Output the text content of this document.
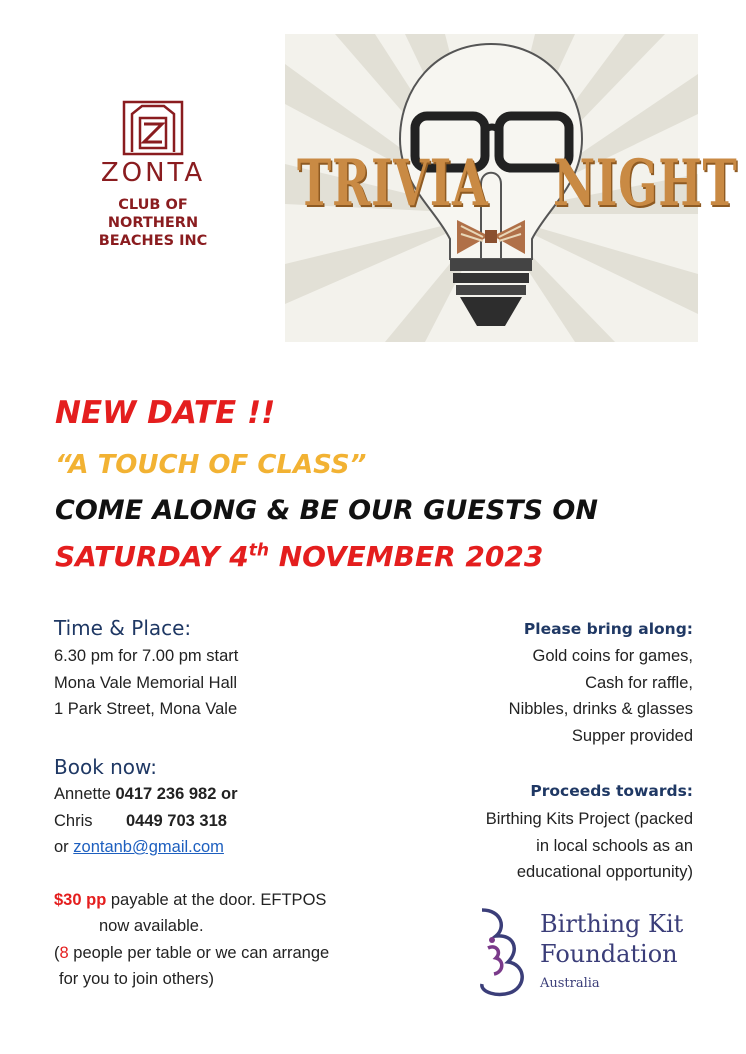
ZONTA
CLUB OF
NORTHERN
BEACHES INC
TRIVIA NIGHT
NEW DATE !!
“A TOUCH OF CLASS”
COME ALONG & BE OUR GUESTS ON
SATURDAY 4th NOVEMBER 2023
Time & Place:
6.30 pm for 7.00 pm start
Mona Vale Memorial Hall
1 Park Street, Mona Vale
Book now:
Annette 0417 236 982 or
Chris 0449 703 318
or zontanb@gmail.com
$30 pp payable at the door. EFTPOS
now available.
(8 people per table or we can arrange
for you to join others)
Please bring along:
Gold coins for games,
Cash for raffle,
Nibbles, drinks & glasses
Supper provided
Proceeds towards:
Birthing Kits Project (packed
in local schools as an
educational opportunity)
Birthing Kit
Foundation
Australia
